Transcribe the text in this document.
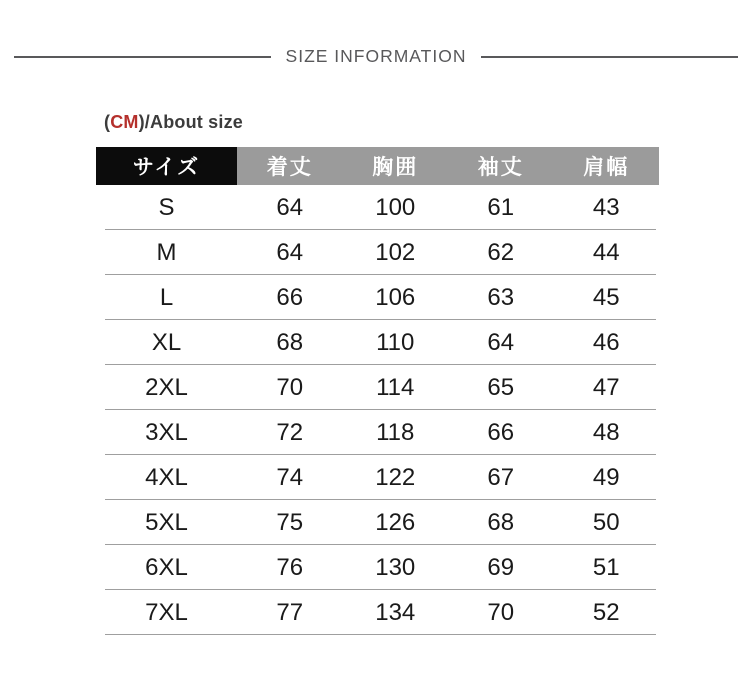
SIZE INFORMATION
(CM)/About size
サイズ	着丈	胸囲	袖丈	肩幅
S	64	100	61	43
M	64	102	62	44
L	66	106	63	45
XL	68	110	64	46
2XL	70	114	65	47
3XL	72	118	66	48
4XL	74	122	67	49
5XL	75	126	68	50
6XL	76	130	69	51
7XL	77	134	70	52
